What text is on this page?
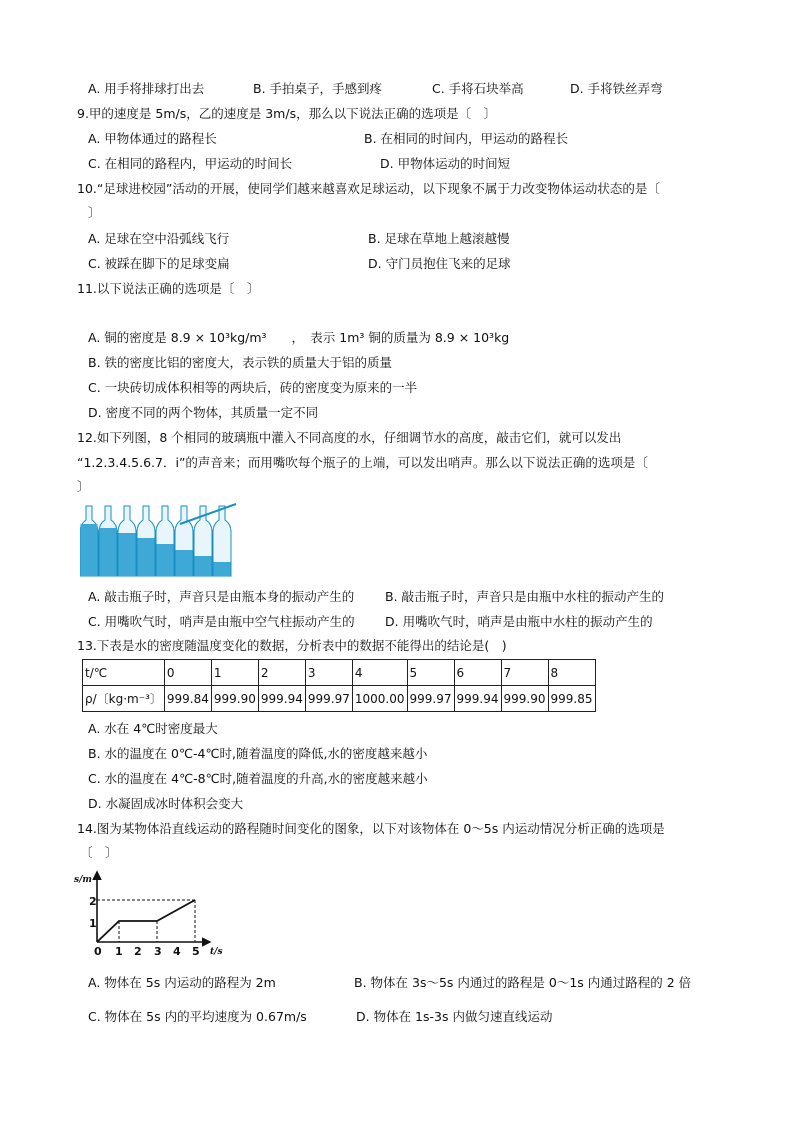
A. 用手将排球打出去	B. 手拍桌子，手感到疼	C. 手将石块举高	D. 手将铁丝弄弯
9.甲的速度是 5m/s，乙的速度是 3m/s，那么以下说法正确的选项是〔　〕
A. 甲物体通过的路程长	B. 在相同的时间内，甲运动的路程长
C. 在相同的路程内，甲运动的时间长	D. 甲物体运动的时间短
10.“足球进校园”活动的开展，使同学们越来越喜欢足球运动，以下现象不属于力改变物体运动状态的是〔
〕
A. 足球在空中沿弧线飞行	B. 足球在草地上越滚越慢
C. 被踩在脚下的足球变扁	D. 守门员抱住飞来的足球
11.以下说法正确的选项是〔　〕
A. 铜的密度是 8.9 × 10³kg/m³　　，　表示 1m³ 铜的质量为 8.9 × 10³kg
B. 铁的密度比铝的密度大，表示铁的质量大于铝的质量
C. 一块砖切成体积相等的两块后，砖的密度变为原来的一半
D. 密度不同的两个物体，其质量一定不同
12.如下列图，8 个相同的玻璃瓶中灌入不同高度的水，仔细调节水的高度，敲击它们，就可以发出
“1.2.3.4.5.6.7．i”的声音来；而用嘴吹每个瓶子的上端，可以发出哨声。那么以下说法正确的选项是〔
〕
A. 敲击瓶子时，声音只是由瓶本身的振动产生的 B. 敲击瓶子时，声音只是由瓶中水柱的振动产生的
C. 用嘴吹气时，哨声是由瓶中空气柱振动产生的 D. 用嘴吹气时，哨声是由瓶中水柱的振动产生的
13.下表是水的密度随温度变化的数据，分析表中的数据不能得出的结论是(　)
t/℃	0	1	2	3	4	5	6	7	8
ρ/〔kg·m⁻³〕	999.84	999.90	999.94	999.97	1000.00	999.97	999.94	999.90	999.85
A. 水在 4℃时密度最大
B. 水的温度在 0℃-4℃时,随着温度的降低,水的密度越来越小
C. 水的温度在 4℃-8℃时,随着温度的升高,水的密度越来越小
D. 水凝固成冰时体积会变大
14.图为某物体沿直线运动的路程随时间变化的图象，以下对该物体在 0～5s 内运动情况分析正确的选项是
〔　〕
s/m
t/s
2
1
0 1 2 3 4 5
A. 物体在 5s 内运动的路程为 2m	B. 物体在 3s～5s 内通过的路程是 0～1s 内通过路程的 2 倍
C. 物体在 5s 内的平均速度为 0.67m/s	D. 物体在 1s-3s 内做匀速直线运动
